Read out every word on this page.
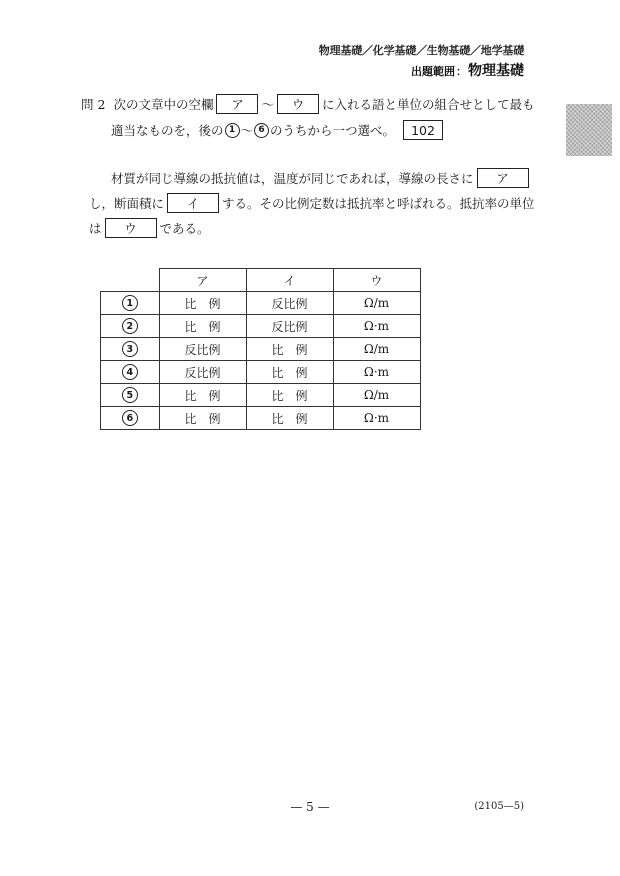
物理基礎／化学基礎／生物基礎／地学基礎
出題範囲 ： 物理基礎
問 2 次の文章中の空欄	ア	～	ウ	に入れる語と単位の組合せとして最も
適当なものを，後の 1 ～ 6 のうちから一つ選べ。	102
材質が同じ導線の抵抗値は，温度が同じであれば，導線の長さに	ア
し，断面積に	イ	する。その比例定数は抵抗率と呼ばれる。抵抗率の単位
は	ウ	である。
	ア	イ	ウ
1	比　例	反比例	Ω/m
2	比　例	反比例	Ω·m
3	反比例	比　例	Ω/m
4	反比例	比　例	Ω·m
5	比　例	比　例	Ω/m
6	比　例	比　例	Ω·m
— 5 —	(2105—5)
